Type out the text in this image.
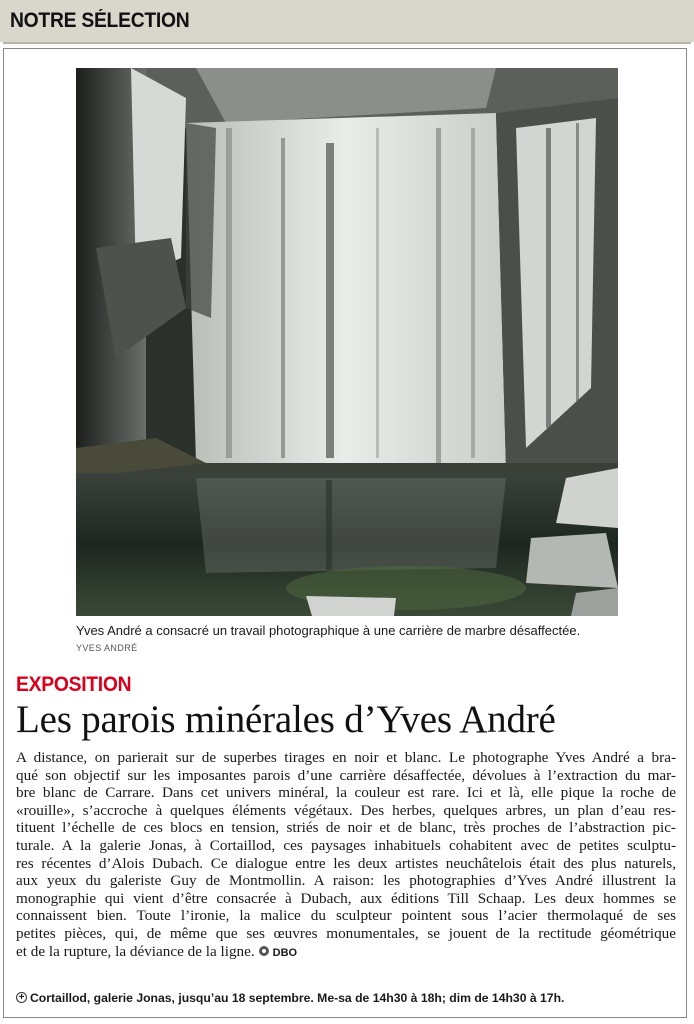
NOTRE SÉLECTION
Yves André a consacré un travail photographique à une carrière de marbre désaffectée.
YVES ANDRÉ
EXPOSITION
Les parois minérales d’Yves André
A distance, on parierait sur de superbes tirages en noir et blanc. Le photographe Yves André a bra-
qué son objectif sur les imposantes parois d’une carrière désaffectée, dévolues à l’extraction du mar-
bre blanc de Carrare. Dans cet univers minéral, la couleur est rare. Ici et là, elle pique la roche de
«rouille», s’accroche à quelques éléments végétaux. Des herbes, quelques arbres, un plan d’eau res-
tituent l’échelle de ces blocs en tension, striés de noir et de blanc, très proches de l’abstraction pic-
turale. A la galerie Jonas, à Cortaillod, ces paysages inhabituels cohabitent avec de petites sculptu-
res récentes d’Alois Dubach. Ce dialogue entre les deux artistes neuchâtelois était des plus naturels,
aux yeux du galeriste Guy de Montmollin. A raison: les photographies d’Yves André illustrent la
monographie qui vient d’être consacrée à Dubach, aux éditions Till Schaap. Les deux hommes se
connaissent bien. Toute l’ironie, la malice du sculpteur pointent sous l’acier thermolaqué de ses
petites pièces, qui, de même que ses œuvres monumentales, se jouent de la rectitude géométrique
et de la rupture, la déviance de la ligne. DBO
+ Cortaillod, galerie Jonas, jusqu’au 18 septembre. Me-sa de 14h30 à 18h; dim de 14h30 à 17h.
